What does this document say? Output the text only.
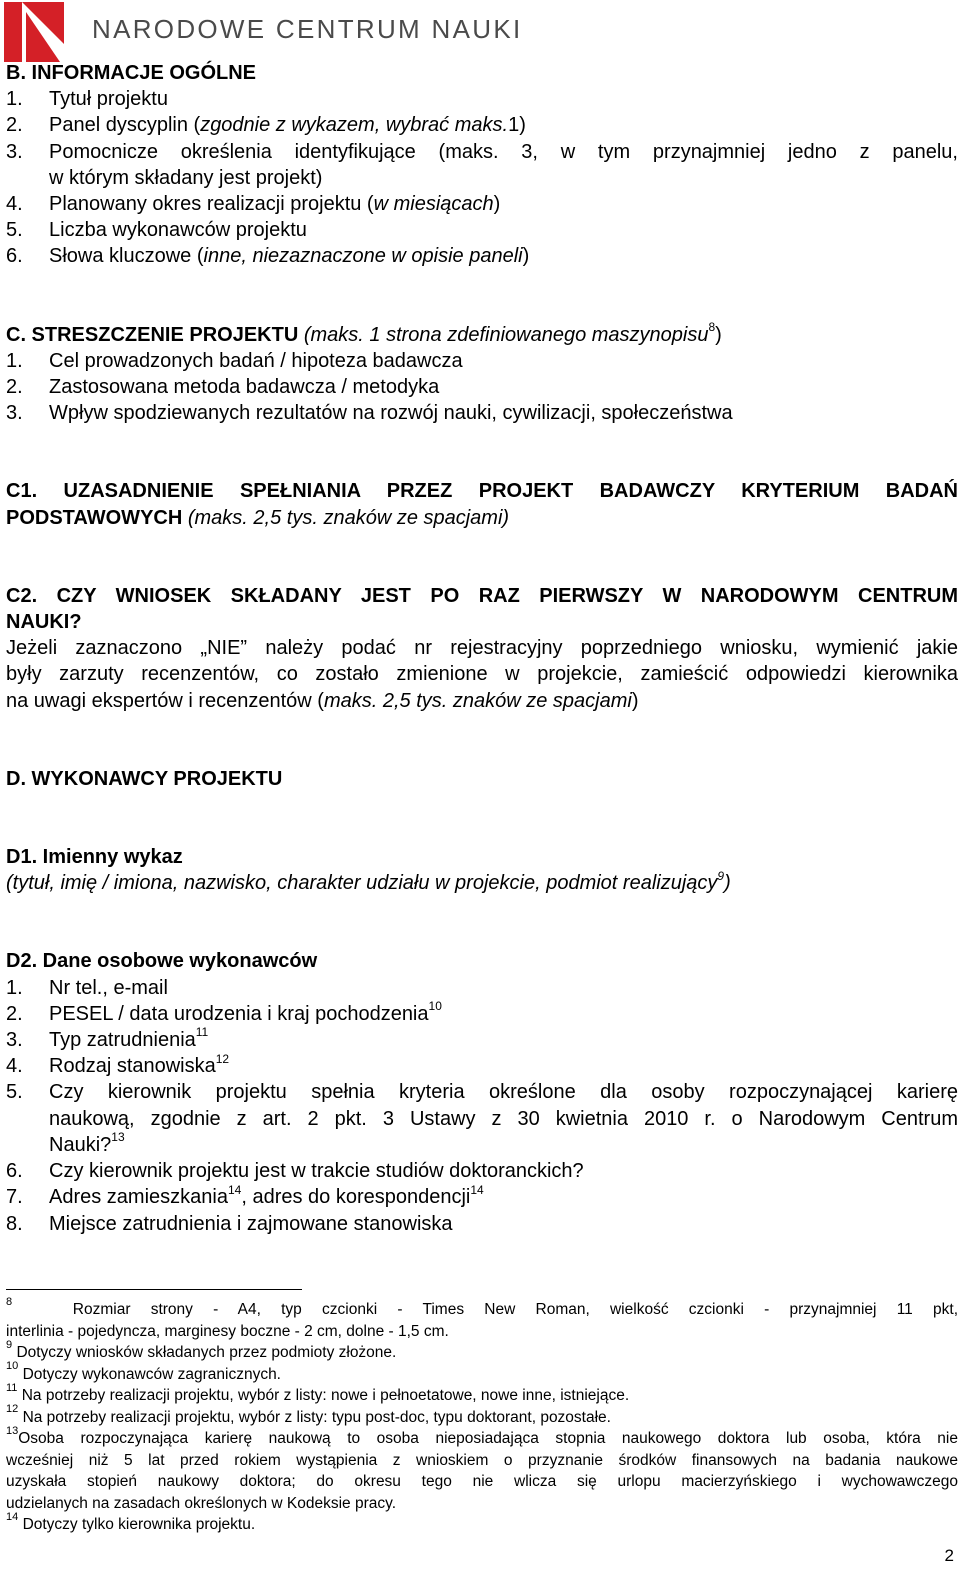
NARODOWE CENTRUM NAUKI
B. INFORMACJE OGÓLNE
1.	Tytuł projektu
2.	Panel dyscyplin (zgodnie z wykazem, wybrać maks.1)
3.	Pomocnicze określenia identyfikujące (maks. 3, w tym przynajmniej jedno z panelu,
w którym składany jest projekt)
4.	Planowany okres realizacji projektu (w miesiącach)
5.	Liczba wykonawców projektu
6.	Słowa kluczowe (inne, niezaznaczone w opisie paneli)
C. STRESZCZENIE PROJEKTU (maks. 1 strona zdefiniowanego maszynopisu$^8$)
1.	Cel prowadzonych badań / hipoteza badawcza
2.	Zastosowana metoda badawcza / metodyka
3.	Wpływ spodziewanych rezultatów na rozwój nauki, cywilizacji, społeczeństwa
C1. UZASADNIENIE SPEŁNIANIA PRZEZ PROJEKT BADAWCZY KRYTERIUM BADAŃ
PODSTAWOWYCH (maks. 2,5 tys. znaków ze spacjami)
C2. CZY WNIOSEK SKŁADANY JEST PO RAZ PIERWSZY W NARODOWYM CENTRUM
NAUKI?
Jeżeli zaznaczono „NIE” należy podać nr rejestracyjny poprzedniego wniosku, wymienić jakie
były zarzuty recenzentów, co zostało zmienione w projekcie, zamieścić odpowiedzi kierownika
na uwagi ekspertów i recenzentów (maks. 2,5 tys. znaków ze spacjami)
D. WYKONAWCY PROJEKTU
D1. Imienny wykaz
(tytuł, imię / imiona, nazwisko, charakter udziału w projekcie, podmiot realizujący$^9$)
D2. Dane osobowe wykonawców
1.	Nr tel., e-mail
2.	PESEL / data urodzenia i kraj pochodzenia$^{10}$
3.	Typ zatrudnienia$^{11}$
4.	Rodzaj stanowiska$^{12}$
5.	Czy kierownik projektu spełnia kryteria określone dla osoby rozpoczynającej karierę
naukową, zgodnie z art. 2 pkt. 3 Ustawy z 30 kwietnia 2010 r. o Narodowym Centrum
Nauki?$^{13}$
6.	Czy kierownik projektu jest w trakcie studiów doktoranckich?
7.	Adres zamieszkania$^{14}$, adres do korespondencji$^{14}$
8.	Miejsce zatrudnienia i zajmowane stanowiska
$^8$	Rozmiar strony - A4, typ czcionki - Times New Roman, wielkość czcionki - przynajmniej 11 pkt,
interlinia - pojedyncza, marginesy boczne - 2 cm, dolne - 1,5 cm.
$^9$ Dotyczy wniosków składanych przez podmioty złożone.
$^{10}$ Dotyczy wykonawców zagranicznych.
$^{11}$ Na potrzeby realizacji projektu, wybór z listy: nowe i pełnoetatowe, nowe inne, istniejące.
$^{12}$ Na potrzeby realizacji projektu, wybór z listy: typu post-doc, typu doktorant, pozostałe.
$^{13}$Osoba rozpoczynająca karierę naukową to osoba nieposiadająca stopnia naukowego doktora lub osoba, która nie
wcześniej niż 5 lat przed rokiem wystąpienia z wnioskiem o przyznanie środków finansowych na badania naukowe
uzyskała stopień naukowy doktora; do okresu tego nie wlicza się urlopu macierzyńskiego i wychowawczego
udzielanych na zasadach określonych w Kodeksie pracy.
$^{14}$ Dotyczy tylko kierownika projektu.
2
